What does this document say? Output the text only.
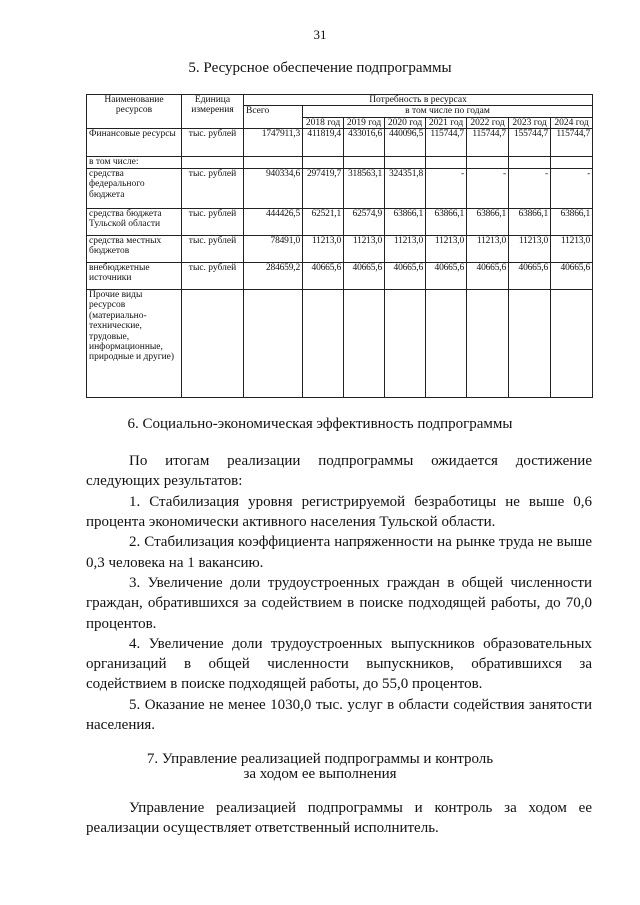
31
5. Ресурсное обеспечение подпрограммы
Наименование ресурсов	Единица измерения	Потребность в ресурсах							
		Всего	в том числе по годам						
			2018 год	2019 год	2020 год	2021 год	2022 год	2023 год	2024 год
Финансовые ресурсы	тыс. рублей	1747911,3	411819,4	433016,6	440096,5	115744,7	115744,7	155744,7	115744,7
в том числе:									
средства федерального бюджета	тыс. рублей	940334,6	297419,7	318563,1	324351,8	-	-	-	-
средства бюджета Тульской области	тыс. рублей	444426,5	62521,1	62574,9	63866,1	63866,1	63866,1	63866,1	63866,1
средства местных бюджетов	тыс. рублей	78491,0	11213,0	11213,0	11213,0	11213,0	11213,0	11213,0	11213,0
внебюджетные источники	тыс. рублей	284659,2	40665,6	40665,6	40665,6	40665,6	40665,6	40665,6	40665,6
Прочие виды ресурсов (материально-технические, трудовые, информационные, природные и другие)									
6. Социально-экономическая эффективность подпрограммы

По итогам реализации подпрограммы ожидается достижение

следующих результатов:

1. Стабилизация уровня регистрируемой безработицы не выше 0,6

процента экономически активного населения Тульской области.

2. Стабилизация коэффициента напряженности на рынке труда не выше

0,3 человека на 1 вакансию.

3. Увеличение доли трудоустроенных граждан в общей численности

граждан, обратившихся за содействием в поиске подходящей работы, до 70,0

процентов.

4. Увеличение доли трудоустроенных выпускников образовательных

организаций в общей численности выпускников, обратившихся за

содействием в поиске подходящей работы, до 55,0 процентов.

5. Оказание не менее 1030,0 тыс. услуг в области содействия занятости

населения.

7. Управление реализацией подпрограммы и контроль
за ходом ее выполнения

Управление реализацией подпрограммы и контроль за ходом ее

реализации осуществляет ответственный исполнитель.
